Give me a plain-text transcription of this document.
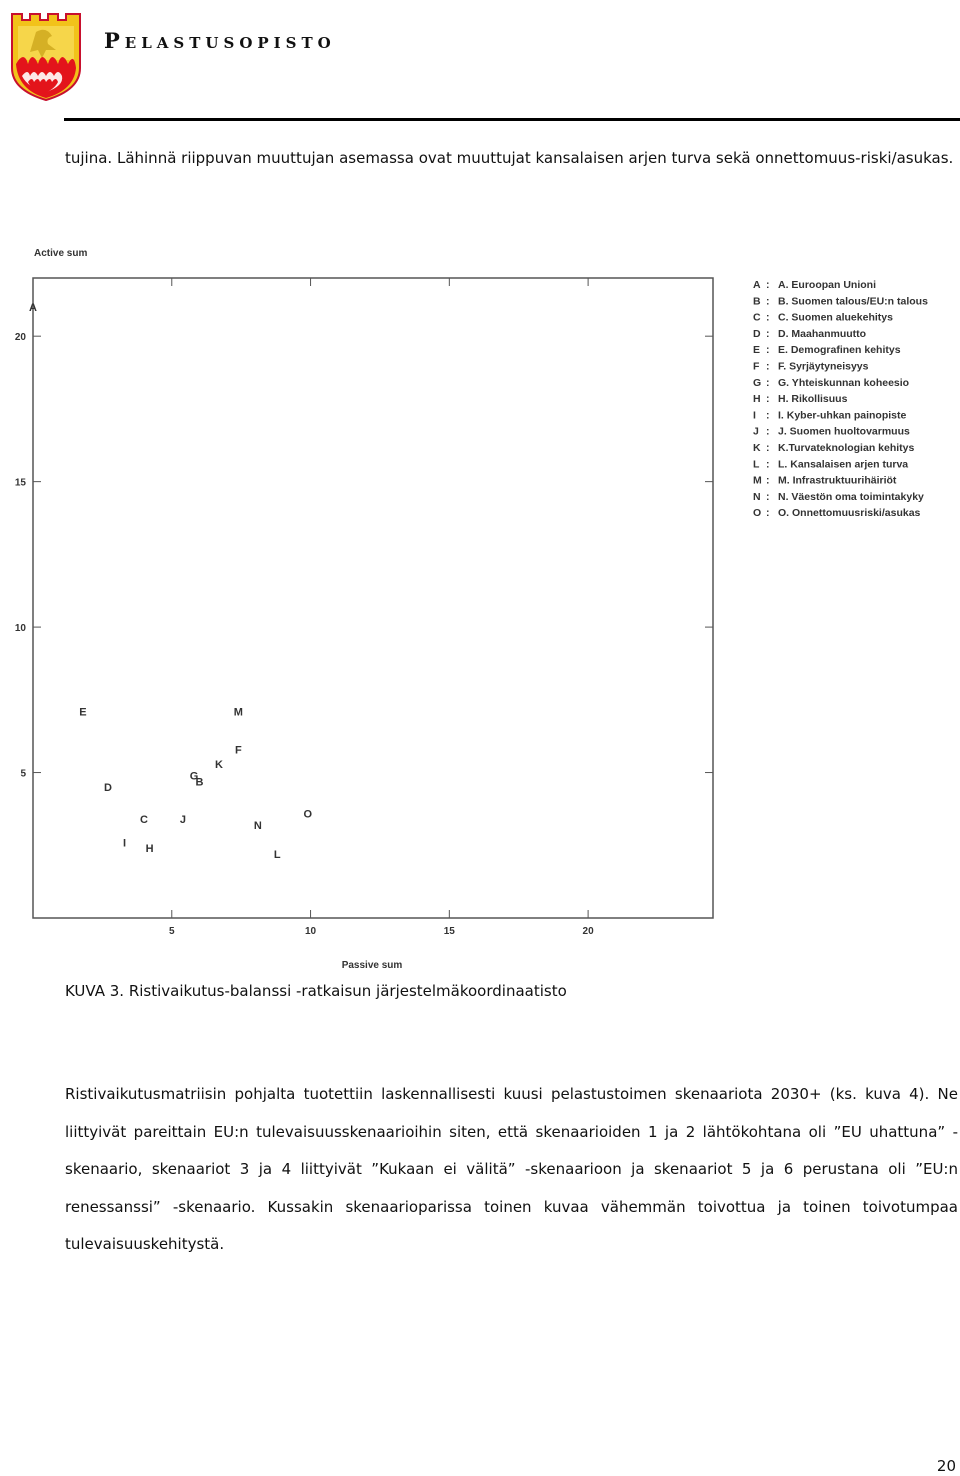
Pelastusopisto

tujina. Lähinnä riippuvan muuttujan asemassa ovat muuttujat kansalaisen arjen turva sekä onnettomuus-riski/asukas.

Active sum
Passive sum
5	10	15	20
5
10
15
20
A
E	M
F
K
G
B
D
O
C	J	N
I H	L
A : A. Euroopan Unioni
B : B. Suomen talous/EU:n talous
C : C. Suomen aluekehitys
D : D. Maahanmuutto
E : E. Demografinen kehitys
F : F. Syrjäytyneisyys
G : G. Yhteiskunnan koheesio
H : H. Rikollisuus
I : I. Kyber-uhkan painopiste
J : J. Suomen huoltovarmuus
K : K.Turvateknologian kehitys
L : L. Kansalaisen arjen turva
M : M. Infrastruktuurihäiriöt
N : N. Väestön oma toimintakyky
O : O. Onnettomuusriski/asukas

KUVA 3. Ristivaikutus-balanssi -ratkaisun järjestelmäkoordinaatisto

Ristivaikutusmatriisin pohjalta tuotettiin laskennallisesti kuusi pelastustoimen skenaariota 2030+ (ks. kuva 4). Ne liittyivät pareittain EU:n tulevaisuusskenaarioihin siten, että skenaarioiden 1 ja 2 lähtökohtana oli ”EU uhattuna” -skenaario, skenaariot 3 ja 4 liittyivät ”Kukaan ei välitä” -skenaarioon ja skenaariot 5 ja 6 perustana oli ”EU:n renessanssi” -skenaario. Kussakin skenaarioparissa toinen kuvaa vähemmän toivottua ja toinen toivotumpaa tulevaisuuskehitystä.

20
